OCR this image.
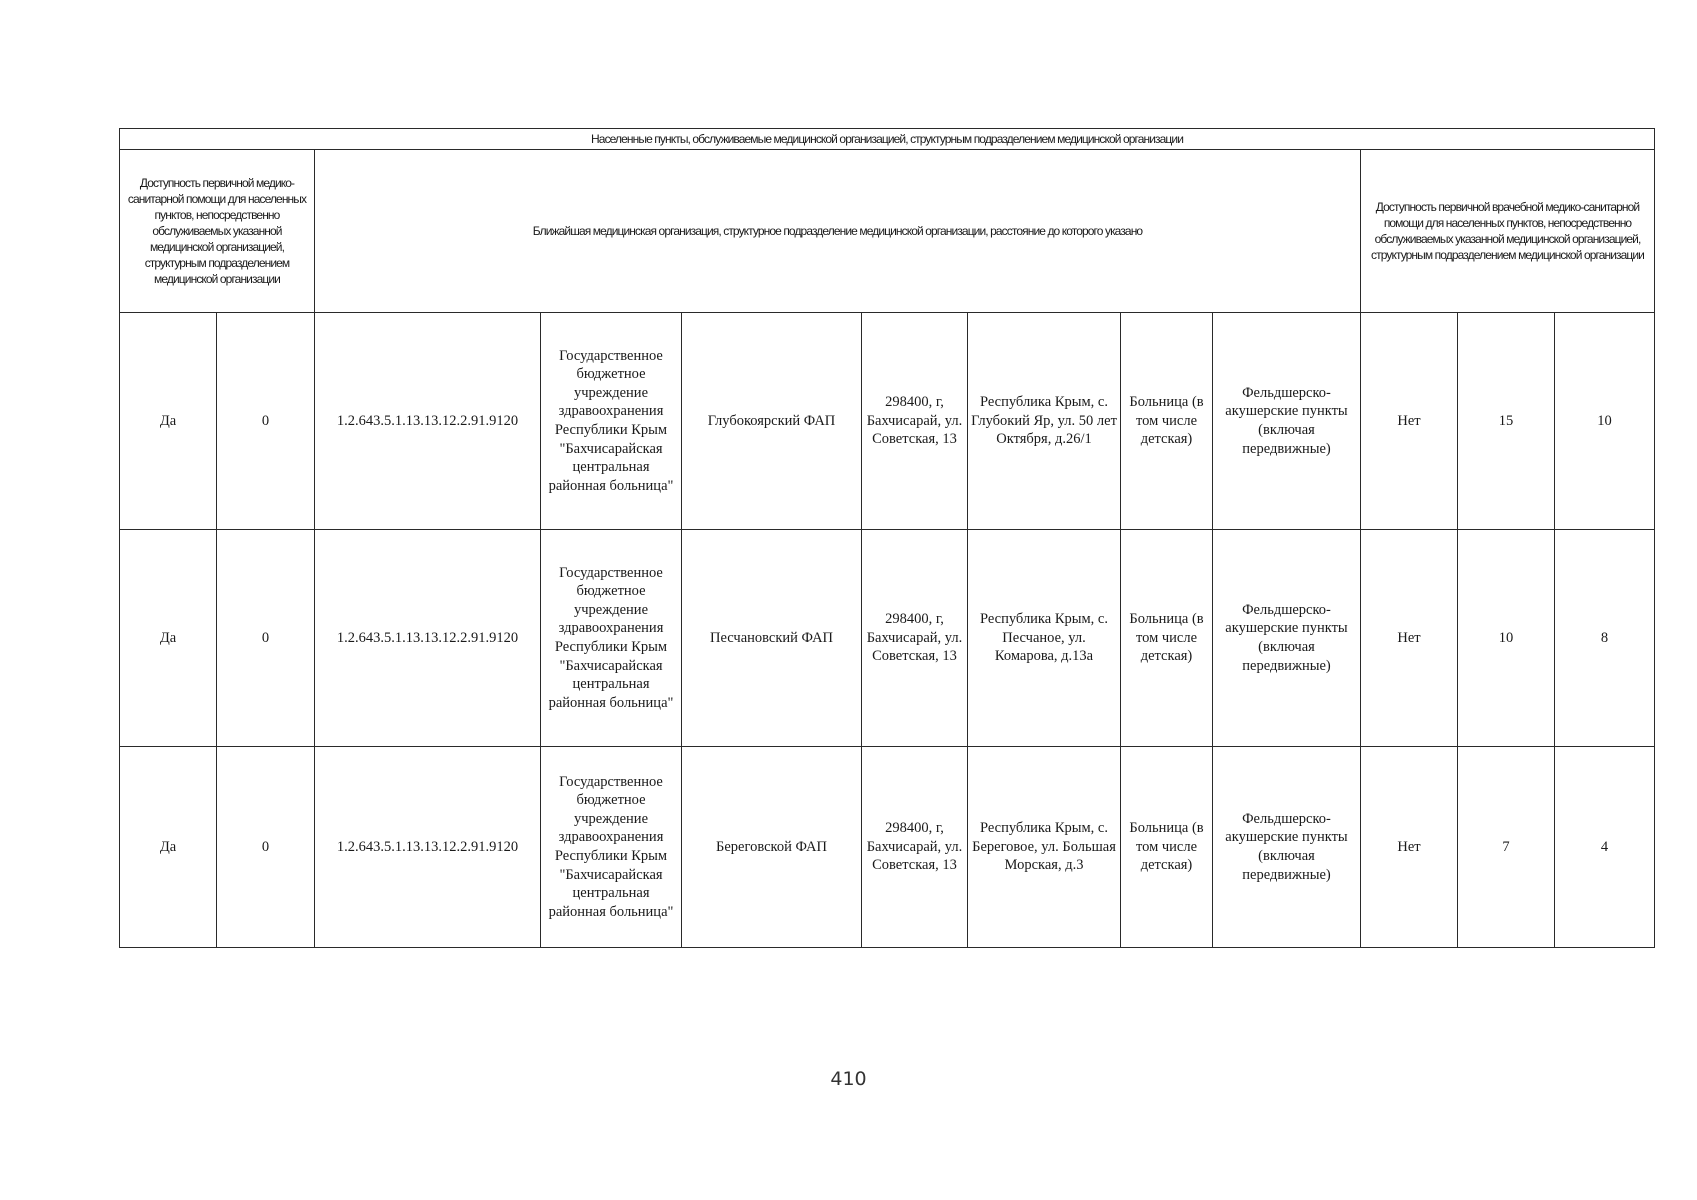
Населенные пункты, обслуживаемые медицинской организацией, структурным подразделением медицинской организации											
Доступность первичной медико-санитарной помощи для населенных пунктов, непосредственно обслуживаемых указанной медицинской организацией, структурным подразделением медицинской организации		Ближайшая медицинская организация, структурное подразделение медицинской организации, расстояние до которого указано							Доступность первичной врачебной медико-санитарной помощи для населенных пунктов, непосредственно обслуживаемых указанной медицинской организацией, структурным подразделением медицинской организации		
Да	0	1.2.643.5.1.13.13.12.2.91.9120	Государственное бюджетное учреждение здравоохранения Республики Крым "Бахчисарайская центральная районная больница"	Глубокоярский ФАП	298400, г, Бахчисарай, ул. Советская, 13	Республика Крым, с. Глубокий Яр, ул. 50 лет Октября, д.26/1	Больница (в том числе детская)	Фельдшерско-акушерские пункты (включая передвижные)	Нет	15	10
Да	0	1.2.643.5.1.13.13.12.2.91.9120	Государственное бюджетное учреждение здравоохранения Республики Крым "Бахчисарайская центральная районная больница"	Песчановский ФАП	298400, г, Бахчисарай, ул. Советская, 13	Республика Крым, с. Песчаное, ул. Комарова, д.13а	Больница (в том числе детская)	Фельдшерско-акушерские пункты (включая передвижные)	Нет	10	8
Да	0	1.2.643.5.1.13.13.12.2.91.9120	Государственное бюджетное учреждение здравоохранения Республики Крым "Бахчисарайская центральная районная больница"	Береговской ФАП	298400, г, Бахчисарай, ул. Советская, 13	Республика Крым, с. Береговое, ул. Большая Морская, д.3	Больница (в том числе детская)	Фельдшерско-акушерские пункты (включая передвижные)	Нет	7	4
410
